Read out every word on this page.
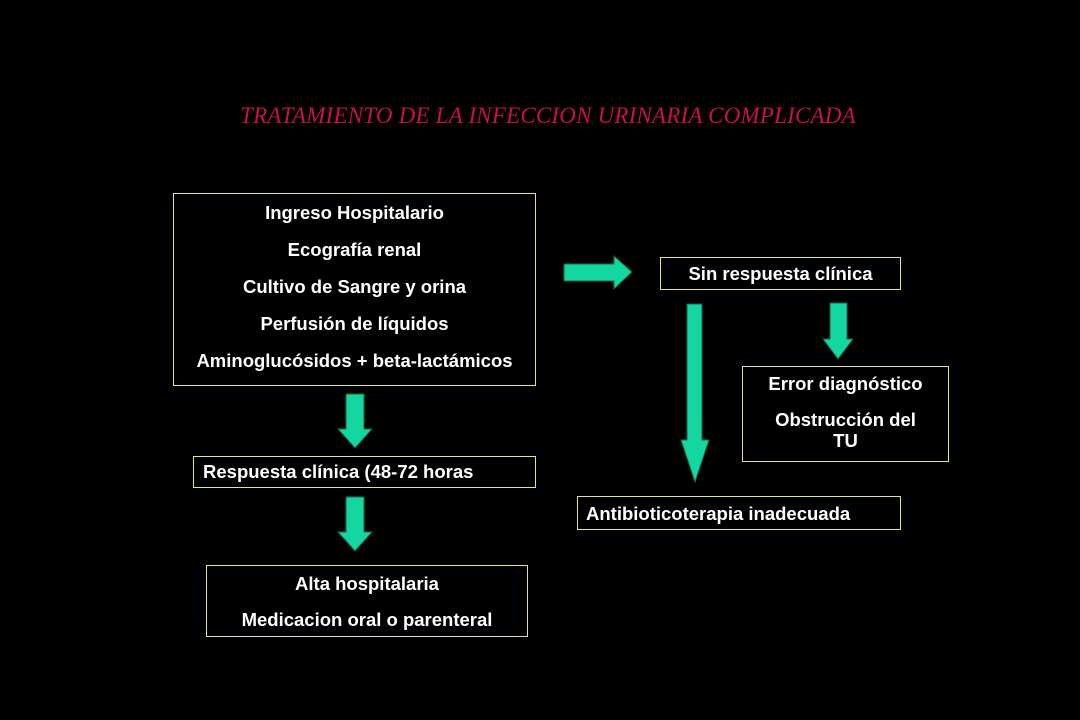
TRATAMIENTO DE LA INFECCION URINARIA COMPLICADA
Ingreso Hospitalario
Ecografía renal
Cultivo de Sangre y orina
Perfusión de líquidos
Aminoglucósidos + beta-lactámicos
Respuesta clínica (48-72 horas
Alta hospitalaria
Medicacion oral o parenteral
Sin respuesta clínica
Error diagnóstico
Obstrucción del
TU
Antibioticoterapia inadecuada
